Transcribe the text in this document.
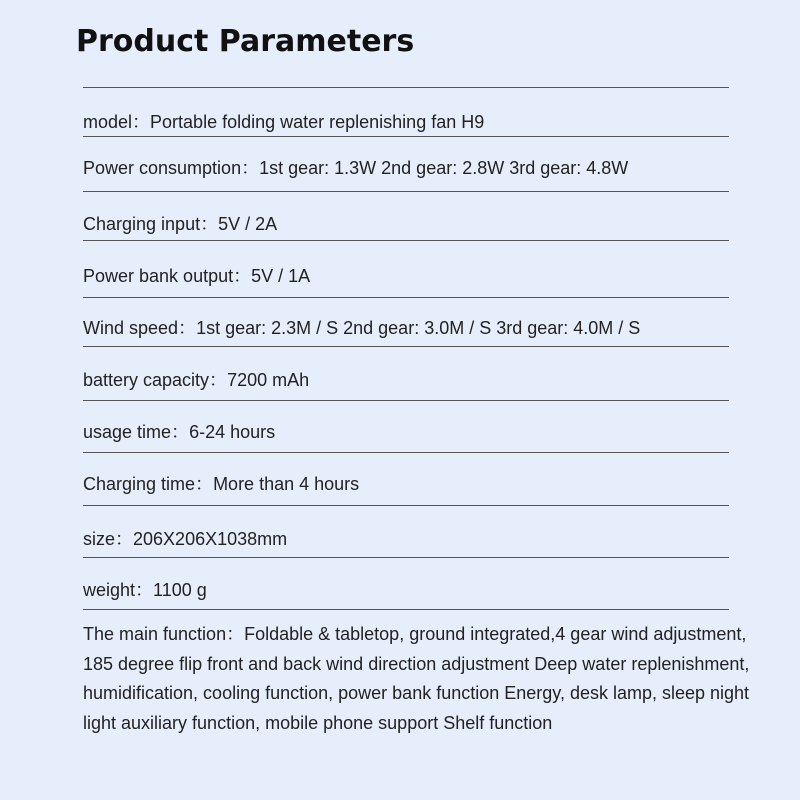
Product Parameters
model：Portable folding water replenishing fan H9
Power consumption：1st gear: 1.3W 2nd gear: 2.8W 3rd gear: 4.8W
Charging input：5V / 2A
Power bank output：5V / 1A
Wind speed：1st gear: 2.3M / S 2nd gear: 3.0M / S 3rd gear: 4.0M / S
battery capacity：7200 mAh
usage time：6-24 hours
Charging time：More than 4 hours
size：206X206X1038mm
weight：1100 g
The main function：Foldable & tabletop, ground integrated,4 gear wind adjustment, 185 degree flip front and back wind direction adjustment Deep water replenishment, humidification, cooling function, power bank function Energy, desk lamp, sleep night light auxiliary function, mobile phone support Shelf function
